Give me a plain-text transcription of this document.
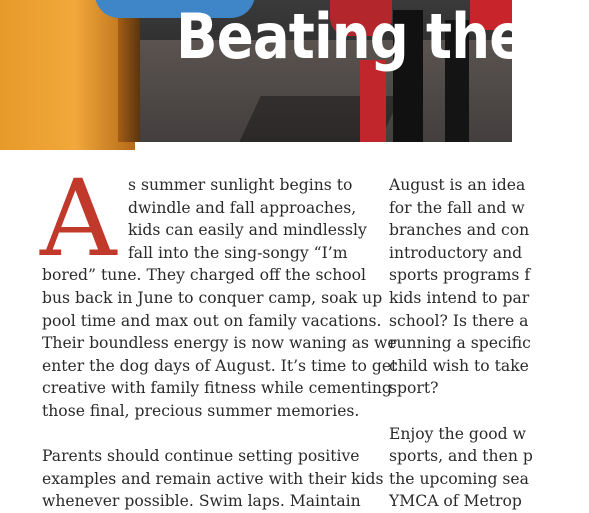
Beating the B
A s summer sunlight begins to
dwindle and fall approaches,
kids can easily and mindlessly
fall into the sing-songy “I’m
bored” tune. They charged off the school
bus back in June to conquer camp, soak up
pool time and max out on family vacations.
Their boundless energy is now waning as we
enter the dog days of August. It’s time to get
creative with family fitness while cementing
those final, precious summer memories.
Parents should continue setting positive
examples and remain active with their kids
whenever possible. Swim laps. Maintain
August is an idea
for the fall and w
branches and con
introductory and
sports programs f
kids intend to par
school? Is there a
running a specific
child wish to take
sport?
Enjoy the good w
sports, and then p
the upcoming sea
YMCA of Metrop
